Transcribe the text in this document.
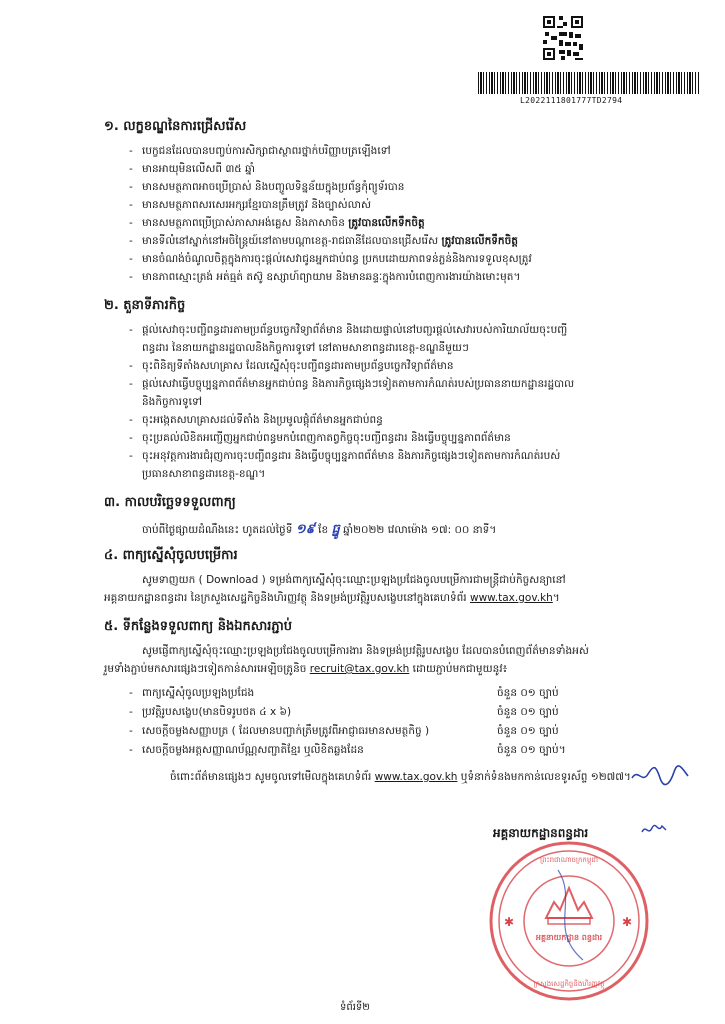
L2022111801777TD2794
១. លក្ខខណ្ឌនៃការជ្រើសរើស
- បេក្ខជនដែលបានបញ្ចប់ការសិក្សាជាស្ថាពរថ្នាក់បរិញ្ញាបត្រឡើងទៅ
- មានអាយុមិនលើសពី ៣៥ ឆ្នាំ
- មានសមត្ថភាពអាចប្រើប្រាស់ និងបញ្ចូលទិន្នន័យក្នុងប្រព័ន្ធកុំព្យូទ័របាន
- មានសមត្ថភាពសរសេរអក្សរខ្មែរបានត្រឹមត្រូវ និងច្បាស់លាស់
- មានសមត្ថភាពប្រើប្រាស់ភាសាអង់គ្លេស និងភាសាចិន ត្រូវបានលើកទឹកចិត្ត
- មានទីលំនៅស្នាក់នៅអចិន្ត្រៃយ៍នៅតាមបណ្តាខេត្ត-រាជធានីដែលបានជ្រើសរើស ត្រូវបានលើកទឹកចិត្ត
- មានចំណង់ចំណូលចិត្តក្នុងការចុះផ្តល់សេវាជូនអ្នកជាប់ពន្ធ ប្រកបដោយភាពទន់ភ្លន់និងការទទួលខុសត្រូវ
- មានភាពស្មោះត្រង់ អត់ធ្មត់ តស៊ូ ឧស្សាហ៍ព្យាយាម និងមានឆន្ទៈក្នុងការបំពេញការងារយ៉ាងមោះមុត។
២. តួនាទីភារកិច្ច
- ផ្តល់សេវាចុះបញ្ជីពន្ធដារតាមប្រព័ន្ធបច្ចេកវិទ្យាព័ត៌មាន និងដោយផ្ទាល់នៅបញ្ជរផ្តល់សេវារបស់ការិយាល័យចុះបញ្ជី
ពន្ធដារ នៃនាយកដ្ឋានរដ្ឋបាលនិងកិច្ចការទូទៅ នៅតាមសាខាពន្ធដារខេត្ត-ខណ្ឌនីមួយៗ
- ចុះពិនិត្យទីតាំងសហគ្រាស ដែលស្នើសុំចុះបញ្ជីពន្ធដារតាមប្រព័ន្ធបច្ចេកវិទ្យាព័ត៌មាន
- ផ្តល់សេវាធ្វើបច្ចុប្បន្នភាពព័ត៌មានអ្នកជាប់ពន្ធ និងភារកិច្ចផ្សេងៗទៀតតាមការកំណត់របស់ប្រធាននាយកដ្ឋានរដ្ឋបាល
និងកិច្ចការទូទៅ
- ចុះអង្កេតសហគ្រាសដល់ទីតាំង និងប្រមូលផ្តុំព័ត៌មានអ្នកជាប់ពន្ធ
- ចុះប្រគល់លិខិតអញ្ជើញអ្នកជាប់ពន្ធមកបំពេញកាតព្វកិច្ចចុះបញ្ជីពន្ធដារ និងធ្វើបច្ចុប្បន្នភាពព័ត៌មាន
- ចុះអនុវត្តការងារជំរុញការចុះបញ្ជីពន្ធដារ និងធ្វើបច្ចុប្បន្នភាពព័ត៌មាន និងភារកិច្ចផ្សេងៗទៀតតាមការកំណត់របស់
ប្រធានសាខាពន្ធដារខេត្ត-ខណ្ឌ។
៣. កាលបរិច្ឆេទទទួលពាក្យ
ចាប់ពីថ្ងៃផ្សាយដំណឹងនេះ ហូតដល់ថ្ងៃទី ១៩ ខែ ធ្នូ ឆ្នាំ២០២២ វេលាម៉ោង ១៧: ០០ នាទី។
៤. ពាក្យស្នើសុំចូលបម្រើការ
សូមទាញយក ( Download ) ទម្រង់ពាក្យស្នើសុំចុះឈ្មោះប្រឡងប្រជែងចូលបម្រើការជាមន្ត្រីជាប់កិច្ចសន្យានៅ
អគ្គនាយកដ្ឋានពន្ធដារ នៃក្រសួងសេដ្ឋកិច្ចនិងហិរញ្ញវត្ថុ និងទម្រង់ប្រវត្តិរូបសង្ខេបនៅក្នុងគេហទំព័រ www.tax.gov.kh។
៥. ទីកន្លែងទទួលពាក្យ និងឯកសារភ្ជាប់
សូមផ្ញើពាក្យស្នើសុំចុះឈ្មោះប្រឡងប្រជែងចូលបម្រើការងារ និងទម្រង់ប្រវត្តិរូបសង្ខេប ដែលបានបំពេញព័ត៌មានទាំងអស់
រួមទាំងភ្ជាប់មកសារផ្សេងៗទៀតកាន់សារអេឡិចត្រូនិច recruit@tax.gov.kh ដោយភ្ជាប់មកជាមួយនូវ៖
- ពាក្យស្នើសុំចូលប្រឡងប្រជែង	ចំនួន ០១ ច្បាប់
- ប្រវត្តិរូបសង្ខេប(មានបិទរូបថត ៤ x ៦)	ចំនួន ០១ ច្បាប់
- សេចក្តីចម្លងសញ្ញាបត្រ ( ដែលមានបញ្ជាក់ត្រឹមត្រូវពីអាជ្ញាធរមានសមត្ថកិច្ច )	ចំនួន ០១ ច្បាប់
- សេចក្តីចម្លងអត្តសញ្ញាណប័ណ្ណសញ្ជាតិខ្មែរ ឬលិខិតឆ្លងដែន	ចំនួន ០១ ច្បាប់។
ចំពោះព័ត៌មានផ្សេងៗ សូមចូលទៅមើលក្នុងគេហទំព័រ www.tax.gov.kh ឬទំនាក់ទំនងមកកាន់លេខទូរស័ព្ទ ១២៧៧។
អគ្គនាយកដ្ឋានពន្ធដារ
អគ្គនាយកដ្ឋាន ពន្ធដារ
ព្រះរាជាណាចក្រកម្ពុជា
ក្រសួងសេដ្ឋកិច្ចនិងហិរញ្ញវត្ថុ
✱	✱
ទំព័រទី២
